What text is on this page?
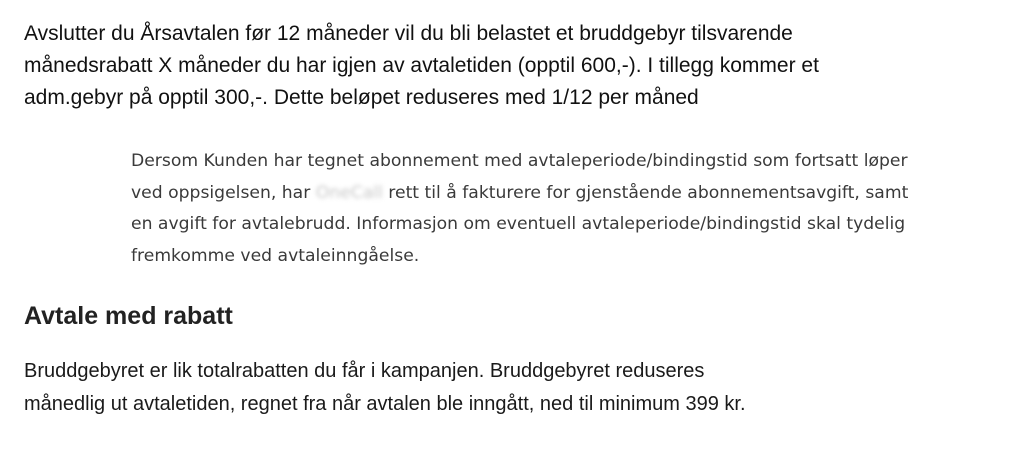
Avslutter du Årsavtalen før 12 måneder vil du bli belastet et bruddgebyr tilsvarende
månedsrabatt X måneder du har igjen av avtaletiden (opptil 600,-). I tillegg kommer et
adm.gebyr på opptil 300,-. Dette beløpet reduseres med 1/12 per måned

Dersom Kunden har tegnet abonnement med avtaleperiode/bindingstid som fortsatt løper
ved oppsigelsen, har OneCall rett til å fakturere for gjenstående abonnementsavgift, samt
en avgift for avtalebrudd. Informasjon om eventuell avtaleperiode/bindingstid skal tydelig
fremkomme ved avtaleinngåelse.
Avtale med rabatt

Bruddgebyret er lik totalrabatten du får i kampanjen. Bruddgebyret reduseres
månedlig ut avtaletiden, regnet fra når avtalen ble inngått, ned til minimum 399 kr.
